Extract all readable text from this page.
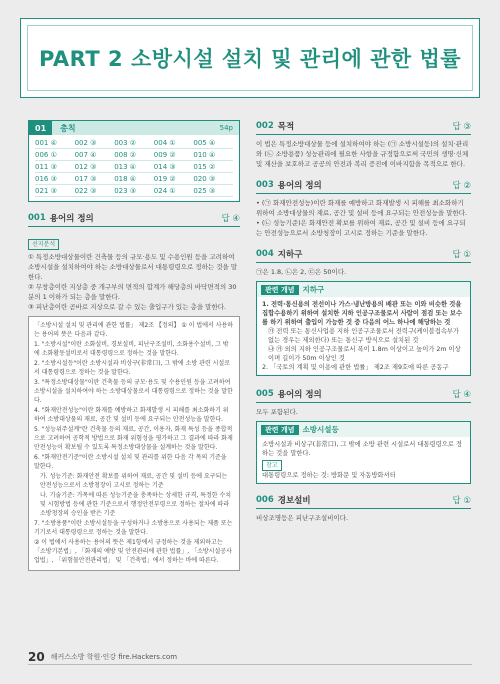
PART 2 소방시설 설치 및 관리에 관한 법률
01	총칙	54p
001 ④	002 ③	003 ②	004 ①	005 ④
006 ①	007 ④	008 ②	009 ②	010 ④
011 ③	012 ③	013 ④	014 ③	015 ②
016 ③	017 ③	018 ④	019 ②	020 ③
021 ③	022 ③	023 ③	024 ①	025 ③
001 용어의 정의	답 ④
선지분석

① 특정소방대상물이란 건축물 등의 규모·용도 및 수용인원 등을 고려하여 소방시설을 설치하여야 하는 소방대상물로서 대통령령으로 정하는 것을 말한다.

② 무창층이란 지상층 중 개구부의 면적의 합계가 해당층의 바닥면적의 30분의 1 이하가 되는 층을 말한다.

③ 피난층이란 곧바로 지상으로 갈 수 있는 출입구가 있는 층을 말한다.

「소방시설 설치 및 관리에 관한 법률」 제2조 【정의】 ① 이 법에서 사용하는 용어의 뜻은 다음과 같다.

1. "소방시설"이란 소화설비, 경보설비, 피난구조설비, 소화용수설비, 그 밖에 소화활동설비로서 대통령령으로 정하는 것을 말한다.

2. "소방시설등"이란 소방시설과 비상구(非常口), 그 밖에 소방 관련 시설로서 대통령령으로 정하는 것을 말한다.

3. "특정소방대상물"이란 건축물 등의 규모·용도 및 수용인원 등을 고려하여 소방시설을 설치하여야 하는 소방대상물로서 대통령령으로 정하는 것을 말한다.

4. "화재안전성능"이란 화재를 예방하고 화재발생 시 피해를 최소화하기 위하여 소방대상물의 재료, 공간 및 설비 등에 요구되는 안전성능을 말한다.

5. "성능위주설계"란 건축물 등의 재료, 공간, 이용자, 화재 특성 등을 종합적으로 고려하여 공학적 방법으로 화재 위험성을 평가하고 그 결과에 따라 화재안전성능이 확보될 수 있도록 특정소방대상물을 설계하는 것을 말한다.

6. "화재안전기준"이란 소방시설 설치 및 관리를 위한 다음 각 목의 기준을 말한다.

가. 성능기준: 화재안전 확보를 위하여 재료, 공간 및 설비 등에 요구되는 안전성능으로서 소방청장이 고시로 정하는 기준

나. 기술기준: 가목에 따른 성능기준을 충족하는 상세한 규격, 특정한 수치 및 시험방법 등에 관한 기준으로서 행정안전부령으로 정하는 절차에 따라 소방청장의 승인을 받은 기준

7. "소방용품"이란 소방시설등을 구성하거나 소방용으로 사용되는 제품 또는 기기로서 대통령령으로 정하는 것을 말한다.

② 이 법에서 사용하는 용어의 뜻은 제1항에서 규정하는 것을 제외하고는 「소방기본법」, 「화재의 예방 및 안전관리에 관한 법률」, 「소방시설공사업법」, 「위험물안전관리법」 및 「건축법」에서 정하는 바에 따른다.

002 목적	답 ③

이 법은 특정소방대상물 등에 설치하여야 하는 (㉠ 소방시설등)의 설치·관리와 (㉡ 소방용품) 성능관리에 필요한 사항을 규정함으로써 국민의 생명·신체 및 재산을 보호하고 공공의 안전과 복리 증진에 이바지함을 목적으로 한다.

003 용어의 정의	답 ②

• (㉠ 화재안전성능)이란 화재를 예방하고 화재발생 시 피해를 최소화하기 위하여 소방대상물의 재료, 공간 및 설비 등에 요구되는 안전성능을 말한다.

• (㉡ 성능기준)은 화재안전 확보를 위하여 재료, 공간 및 설비 등에 요구되는 안전성능으로서 소방청장이 고시로 정하는 기준을 말한다.

004 지하구	답 ①

㉠은 1.8, ㉡은 2, ㉢은 50이다.

관련 개념	지하구

1. 전력·통신용의 전선이나 가스·냉난방용의 배관 또는 이와 비슷한 것을 집합수용하기 위하여 설치한 지하 인공구조물로서 사람이 점검 또는 보수를 하기 위하여 출입이 가능한 것 중 다음의 어느 하나에 해당하는 것

㉮ 전력 또는 통신사업용 지하 인공구조물로서 전력구(케이블접속부가 없는 경우는 제외한다) 또는 통신구 방식으로 설치된 것

㉯ ㉮ 외의 지하 인공구조물로서 폭이 1.8m 이상이고 높이가 2m 이상이며 길이가 50m 이상인 것

2. 「국토의 계획 및 이용에 관한 법률」 제2조 제9호에 따른 공동구

005 용어의 정의	답 ④

모두 포함된다.

관련 개념	소방시설등

소방시설과 비상구(非常口), 그 밖에 소방 관련 시설로서 대통령령으로 정하는 것을 말한다.

참고

대통령령으로 정하는 것: 방화문 및 자동방화셔터

006 경보설비	답 ①

비상조명등은 피난구조설비이다.

20 해커스소방 학원·인강 fire.Hackers.com
